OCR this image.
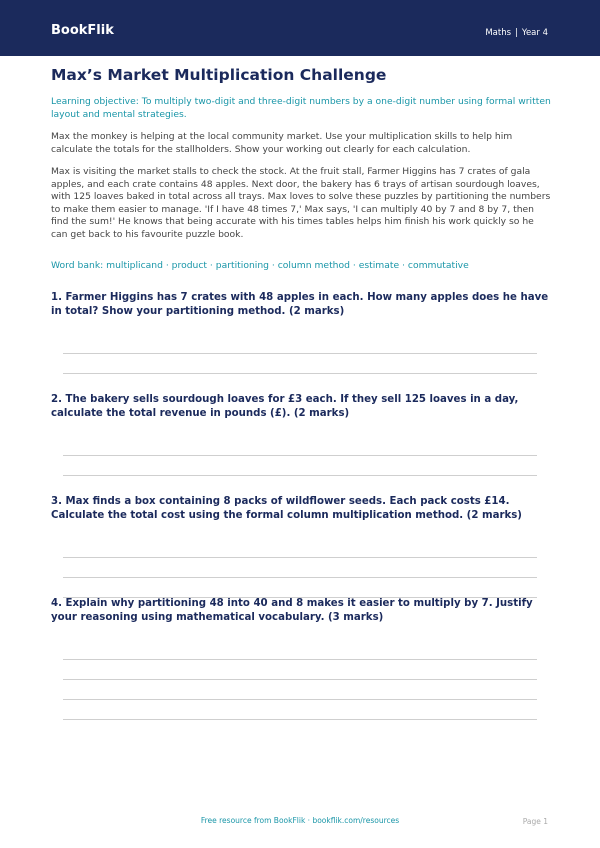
BookFlik	Maths | Year 4
Max’s Market Multiplication Challenge
Learning objective: To multiply two-digit and three-digit numbers by a one-digit number using formal written layout and mental strategies.
Max the monkey is helping at the local community market. Use your multiplication skills to help him calculate the totals for the stallholders. Show your working out clearly for each calculation.
Max is visiting the market stalls to check the stock. At the fruit stall, Farmer Higgins has 7 crates of gala apples, and each crate contains 48 apples. Next door, the bakery has 6 trays of artisan sourdough loaves, with 125 loaves baked in total across all trays. Max loves to solve these puzzles by partitioning the numbers to make them easier to manage. 'If I have 48 times 7,' Max says, 'I can multiply 40 by 7 and 8 by 7, then find the sum!' He knows that being accurate with his times tables helps him finish his work quickly so he can get back to his favourite puzzle book.
Word bank: multiplicand · product · partitioning · column method · estimate · commutative
1. Farmer Higgins has 7 crates with 48 apples in each. How many apples does he have in total? Show your partitioning method. (2 marks)
2. The bakery sells sourdough loaves for £3 each. If they sell 125 loaves in a day, calculate the total revenue in pounds (£). (2 marks)
3. Max finds a box containing 8 packs of wildflower seeds. Each pack costs £14. Calculate the total cost using the formal column multiplication method. (2 marks)
4. Explain why partitioning 48 into 40 and 8 makes it easier to multiply by 7. Justify your reasoning using mathematical vocabulary. (3 marks)
Free resource from BookFlik · bookflik.com/resources	Page 1
